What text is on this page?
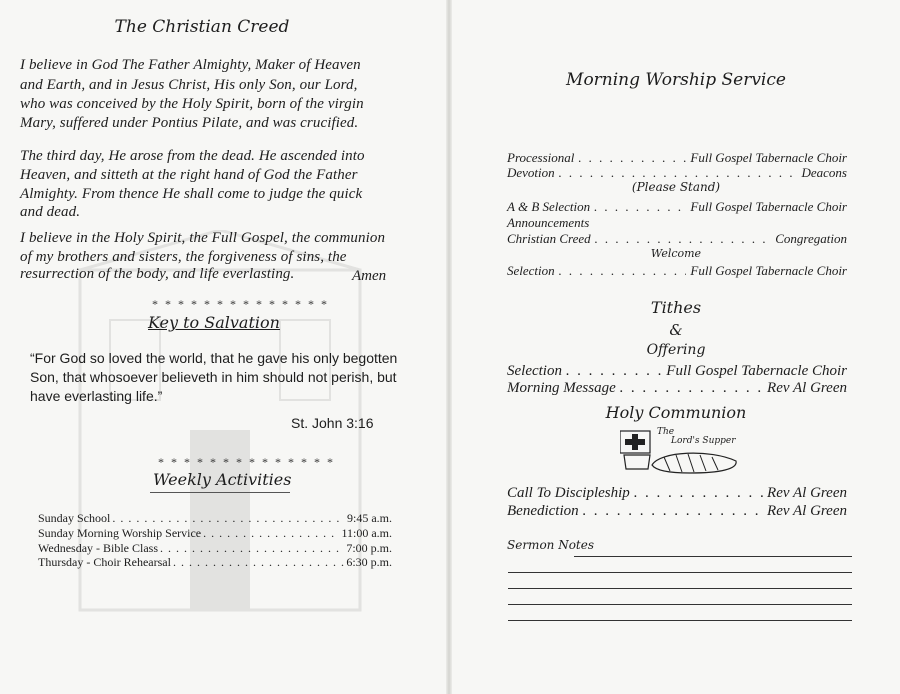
The Christian Creed
I believe in God The Father Almighty, Maker of Heaven
and Earth, and in Jesus Christ, His only Son, our Lord,
who was conceived by the Holy Spirit, born of the virgin
Mary, suffered under Pontius Pilate, and was crucified.
The third day, He arose from the dead. He ascended into
Heaven, and sitteth at the right hand of God the Father
Almighty. From thence He shall come to judge the quick
and dead.
I believe in the Holy Spirit, the Full Gospel, the communion
of my brothers and sisters, the forgiveness of sins, the
resurrection of the body, and life everlasting.	Amen
* * * * * * * * * * * * * *
Key to Salvation
“For God so loved the world, that he gave his only begotten
Son, that whosoever believeth in him should not perish, but
have everlasting life.”
St. John 3:16
* * * * * * * * * * * * * *
Weekly Activities
Sunday School . . .	9:45 a.m.
Sunday Morning Worship Service . . .	11:00 a.m.
Wednesday - Bible Class . . .	7:00 p.m.
Thursday - Choir Rehearsal . . .	6:30 p.m.
Morning Worship Service
Processional . . .	Full Gospel Tabernacle Choir
Devotion . . .	Deacons
(Please Stand)
A & B Selection . . .	Full Gospel Tabernacle Choir
Announcements
Christian Creed . . .	Congregation
Welcome
Selection . . .	Full Gospel Tabernacle Choir
Tithes
&
Offering
Selection . . .	Full Gospel Tabernacle Choir
Morning Message . . .	Rev Al Green
Holy Communion
The
Lord's Supper
Call To Discipleship . . .	Rev Al Green
Benediction . . .	Rev Al Green
Sermon Notes
